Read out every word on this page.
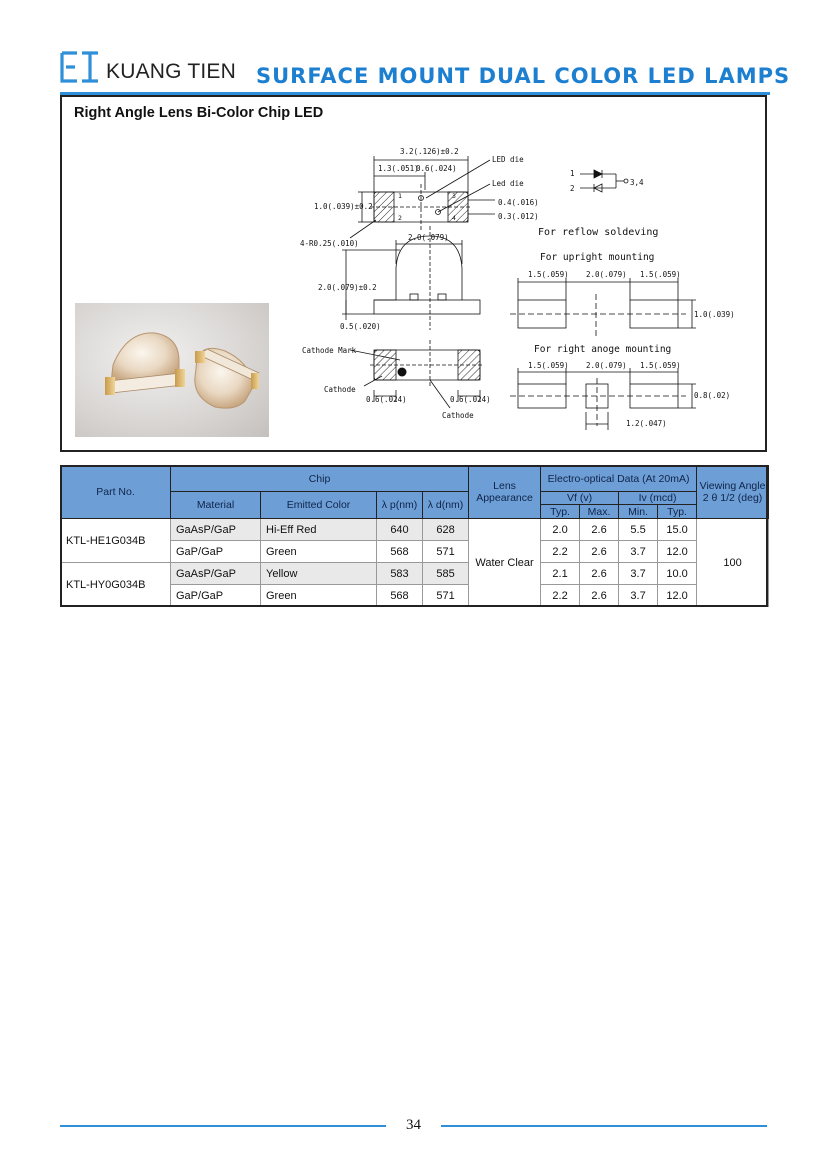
KUANG TIEN SURFACE MOUNT DUAL COLOR LED LAMPS
Right Angle Lens Bi-Color Chip LED
3.2(.126)±0.2
1.3(.051)
0.6(.024)
LED die
Led die
1.0(.039)±0.2	0.4(.016)
0.3(.012)
1	3
2	4
4-R0.25(.010)
2.0(.079)
2.0(.079)±0.2
0.5(.020)
Cathode Mark
Cathode
0.6(.024)	0.6(.024)
Cathode
1
2
3,4
1.5(.059) 2.0(.079) 1.5(.059)
1.0(.039)
1.5(.059) 2.0(.079) 1.5(.059)
0.8(.02)
1.2(.047)
For reflow soldeving
For upright mounting
For right anoge mounting
Part No.	Chip				Lens Appearance	Electro-optical Data (At 20mA)				Viewing Angle 2 θ 1/2 (deg)
	Material	Emitted Color	λ p(nm)	λ d(nm)		Vf (v)		Iv (mcd)		
						Typ.	Max.	Min.	Typ.	
KTL-HE1G034B	GaAsP/GaP	Hi-Eff Red	640	628	Water Clear	2.0	2.6	5.5	15.0	100
	GaP/GaP	Green	568	571		2.2	2.6	3.7	12.0	
KTL-HY0G034B	GaAsP/GaP	Yellow	583	585		2.1	2.6	3.7	10.0	
	GaP/GaP	Green	568	571		2.2	2.6	3.7	12.0	
34
